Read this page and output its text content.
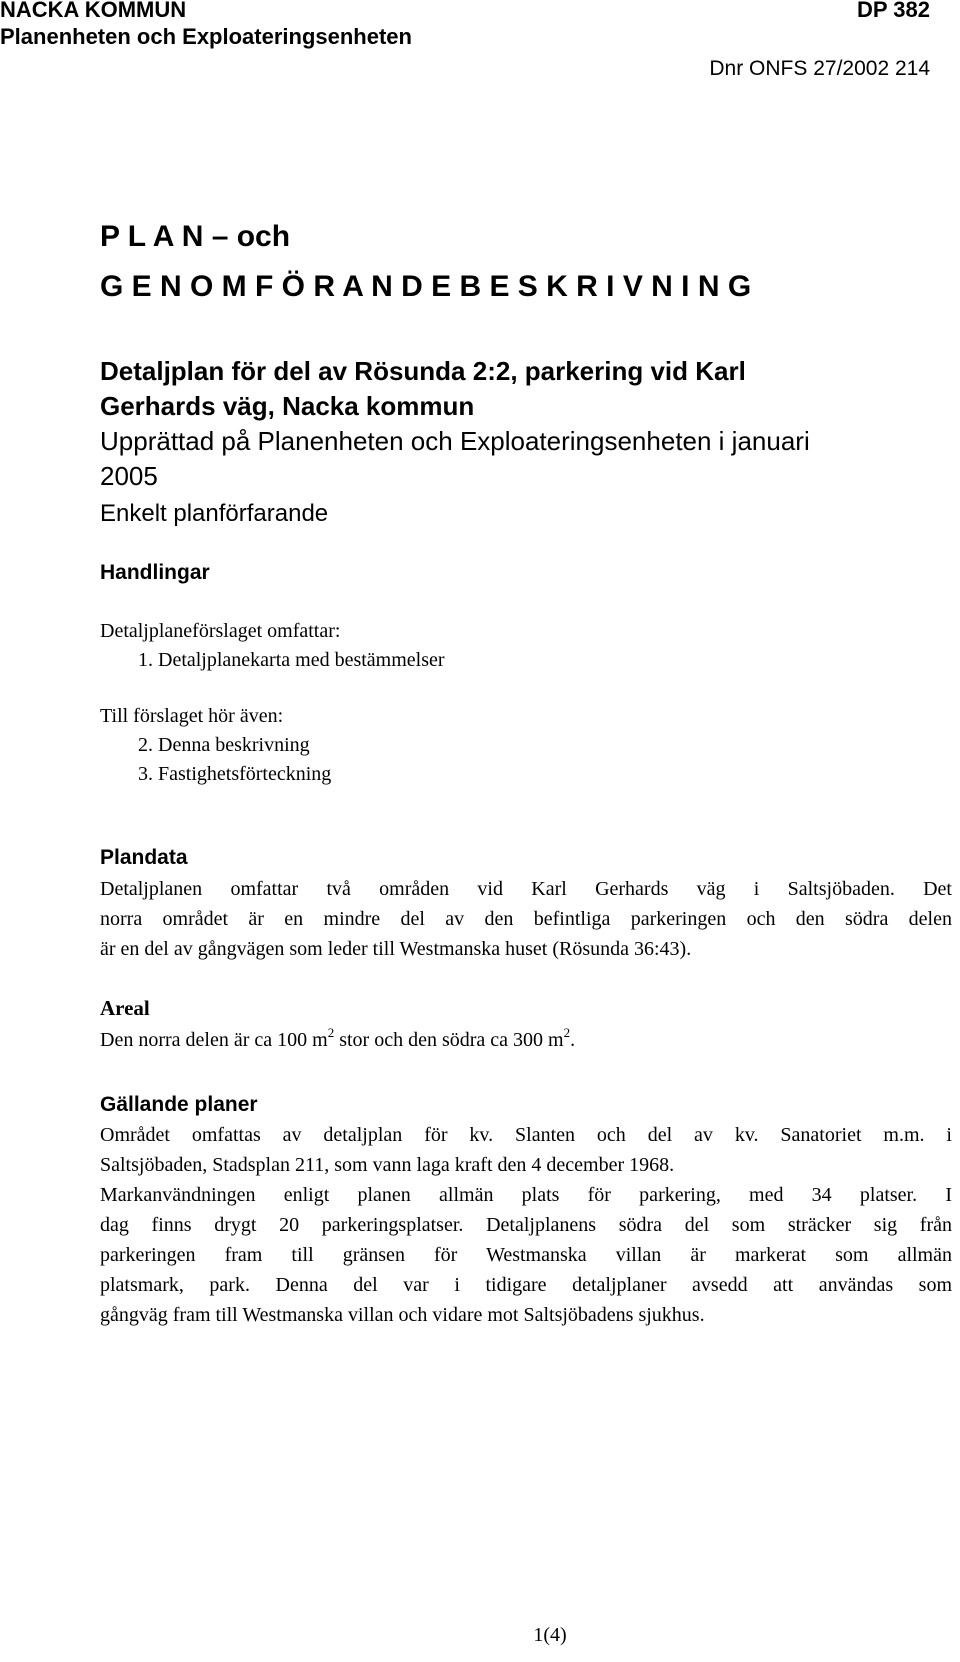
NACKA KOMMUN
Planenheten och Exploateringsenheten
DP 382
Dnr ONFS 27/2002 214
P L A N – och
G E N O M F Ö R A N D E B E S K R I V N I N G
Detaljplan för del av Rösunda 2:2, parkering vid Karl
Gerhards väg, Nacka kommun
Upprättad på Planenheten och Exploateringsenheten i januari
2005
Enkelt planförfarande
Handlingar
Detaljplaneförslaget omfattar:
1. Detaljplanekarta med bestämmelser
Till förslaget hör även:
2. Denna beskrivning
3. Fastighetsförteckning
Plandata
Detaljplanen omfattar två områden vid Karl Gerhards väg i Saltsjöbaden. Det
norra området är en mindre del av den befintliga parkeringen och den södra delen
är en del av gångvägen som leder till Westmanska huset (Rösunda 36:43).
Areal
Den norra delen är ca 100 $m^2$ stor och den södra ca 300 $m^2$.
Gällande planer
Området omfattas av detaljplan för kv. Slanten och del av kv. Sanatoriet m.m. i
Saltsjöbaden, Stadsplan 211, som vann laga kraft den 4 december 1968.
Markanvändningen enligt planen allmän plats för parkering, med 34 platser. I
dag finns drygt 20 parkeringsplatser. Detaljplanens södra del som sträcker sig från
parkeringen fram till gränsen för Westmanska villan är markerat som allmän
platsmark, park. Denna del var i tidigare detaljplaner avsedd att användas som
gångväg fram till Westmanska villan och vidare mot Saltsjöbadens sjukhus.
1(4)
